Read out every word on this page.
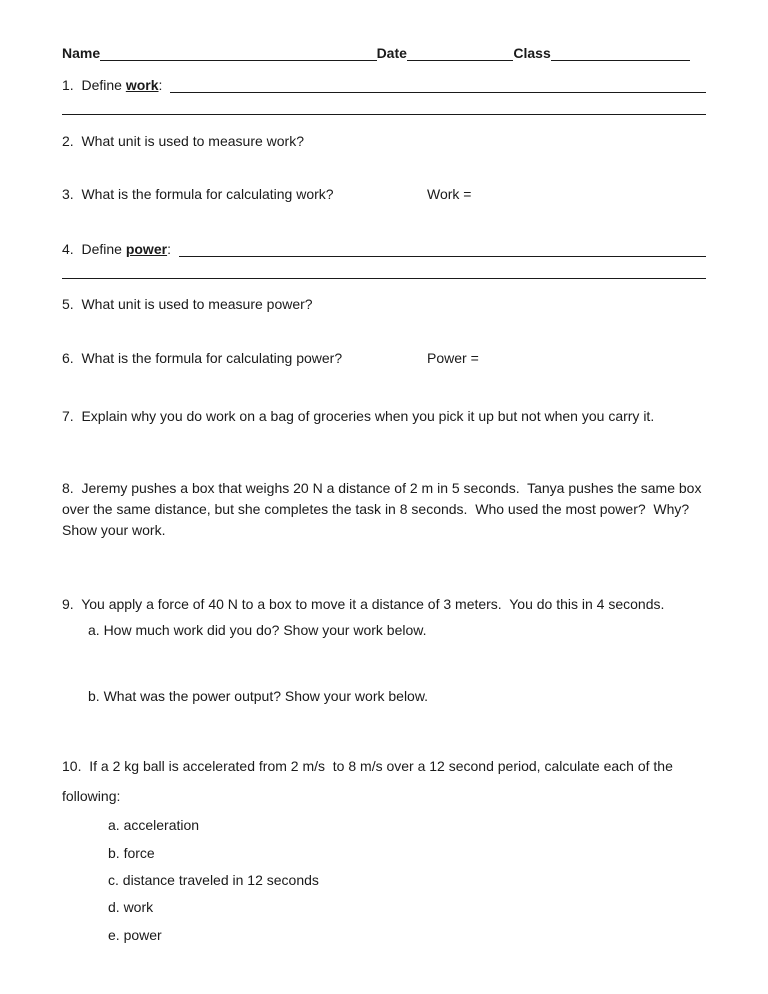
Name	Date	Class
1.  Define work :
2.  What unit is used to measure work?
3.  What is the formula for calculating work?	Work =
4.  Define power :
5.  What unit is used to measure power?
6.  What is the formula for calculating power?	Power =
7.  Explain why you do work on a bag of groceries when you pick it up but not when you carry it.
8.  Jeremy pushes a box that weighs 20 N a distance of 2 m in 5 seconds.  Tanya pushes the same box over the same distance, but she completes the task in 8 seconds.  Who used the most power?  Why? Show your work.
9.  You apply a force of 40 N to a box to move it a distance of 3 meters.  You do this in 4 seconds.
a. How much work did you do? Show your work below.
b. What was the power output? Show your work below.
10.  If a 2 kg ball is accelerated from 2 m/s  to 8 m/s over a 12 second period, calculate each of the
following:
a. acceleration
b. force
c. distance traveled in 12 seconds
d. work
e. power
